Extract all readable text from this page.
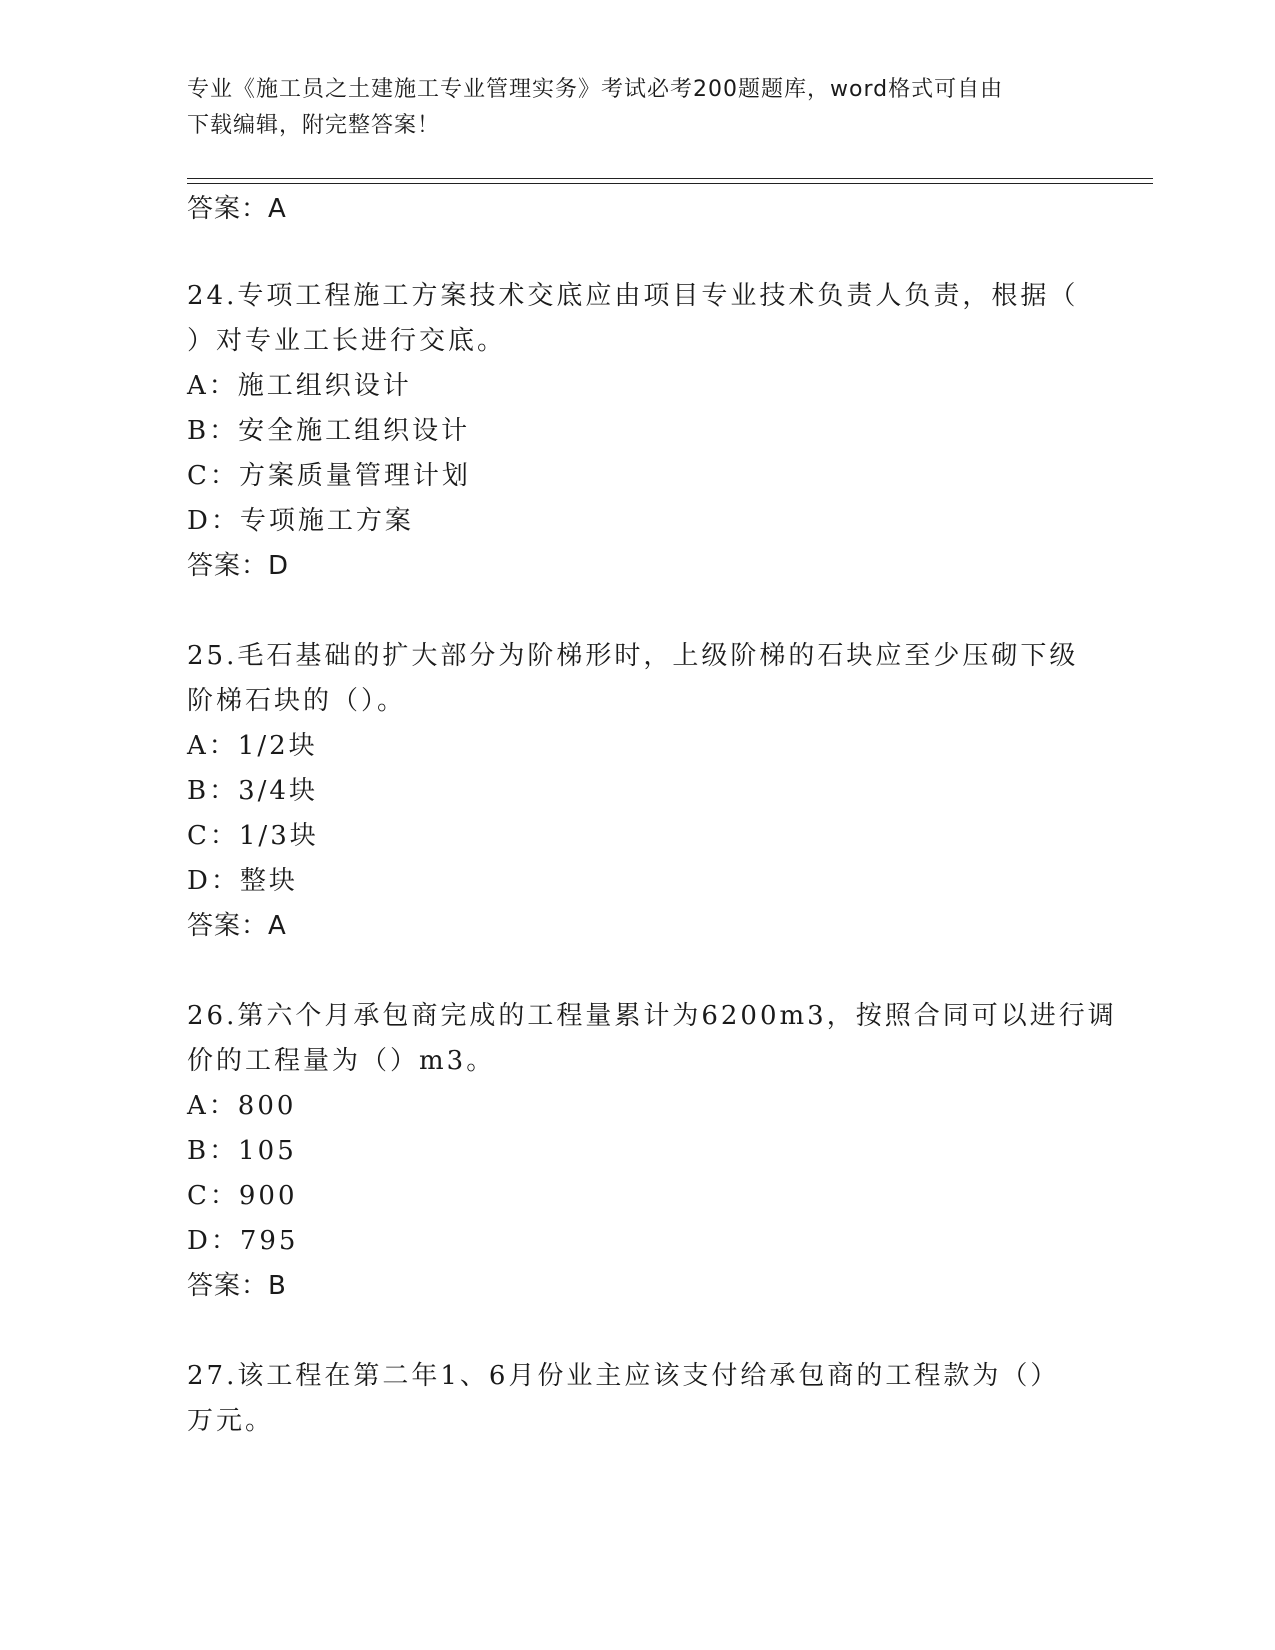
专业《施工员之土建施工专业管理实务》考试必考200题题库，word格式可自由
下载编辑，附完整答案！
答案：A
24.专项工程施工方案技术交底应由项目专业技术负责人负责，根据（
）对专业工长进行交底。
A：施工组织设计
B：安全施工组织设计
C：方案质量管理计划
D：专项施工方案
答案：D
25.毛石基础的扩大部分为阶梯形时，上级阶梯的石块应至少压砌下级
阶梯石块的（）。
A：1/2块
B：3/4块
C：1/3块
D：整块
答案：A
26.第六个月承包商完成的工程量累计为6200m3，按照合同可以进行调
价的工程量为（）m3。
A：800
B：105
C：900
D：795
答案：B
27.该工程在第二年1、6月份业主应该支付给承包商的工程款为（）
万元。
